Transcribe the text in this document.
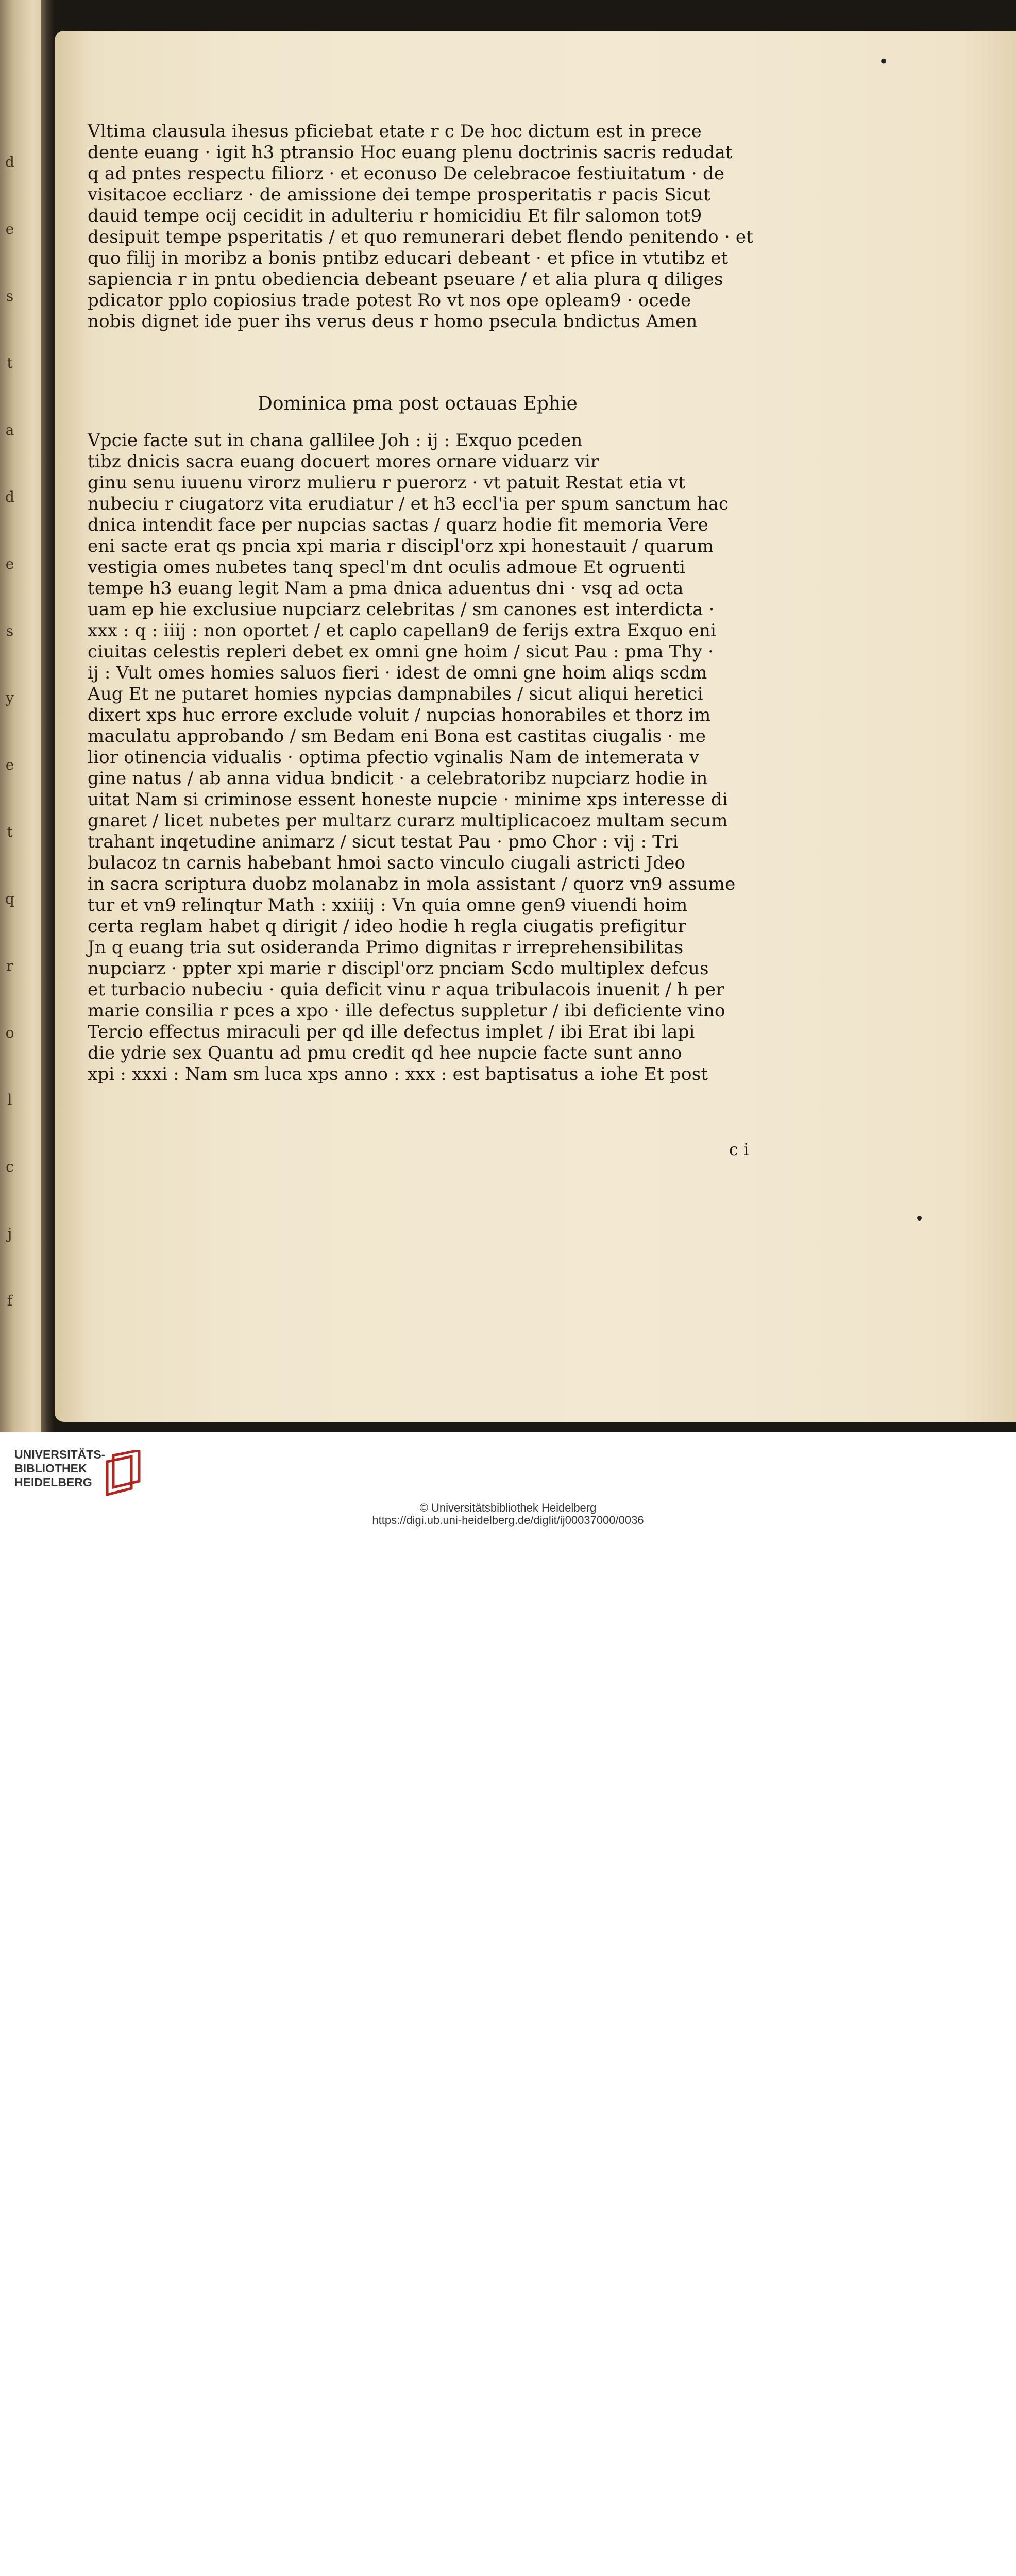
d
e
s
t
a
d
e
s
y
e
t
q
r
o
l
c
j
f
•
Vltima clausula ihesus pficiebat etate r c De hoc dictum est in prece
dente euang · igit h3 ptransio Hoc euang plenu doctrinis sacris redudat
q ad pntes respectu filiorz · et econuso De celebracoe festiuitatum · de
visitacoe eccliarz · de amissione dei tempe prosperitatis r pacis Sicut
dauid tempe ocij cecidit in adulteriu r homicidiu Et filr salomon tot9
desipuit tempe psperitatis / et quo remunerari debet flendo penitendo · et
quo filij in moribz a bonis pntibz educari debeant · et pfice in vtutibz et
sapiencia r in pntu obediencia debeant pseuare / et alia plura q diliges
pdicator pplo copiosius trade potest Ro vt nos ope opleam9 · ocede
nobis dignet ide puer ihs verus deus r homo psecula bndictus Amen
Dominica pma post octauas Ephie
Vpcie facte sut in chana gallilee Joh : ij : Exquo pceden
tibz dnicis sacra euang docuert mores ornare viduarz vir
ginu senu iuuenu virorz mulieru r puerorz · vt patuit Restat etia vt
nubeciu r ciugatorz vita erudiatur / et h3 eccl'ia per spum sanctum hac
dnica intendit face per nupcias sactas / quarz hodie fit memoria Vere
eni sacte erat qs pncia xpi maria r discipl'orz xpi honestauit / quarum
vestigia omes nubetes tanq specl'm dnt oculis admoue Et ogruenti
tempe h3 euang legit Nam a pma dnica aduentus dni · vsq ad octa
uam ep hie exclusiue nupciarz celebritas / sm canones est interdicta ·
xxx : q : iiij : non oportet / et caplo capellan9 de ferijs extra Exquo eni
ciuitas celestis repleri debet ex omni gne hoim / sicut Pau : pma Thy ·
ij : Vult omes homies saluos fieri · idest de omni gne hoim aliqs scdm
Aug Et ne putaret homies nypcias dampnabiles / sicut aliqui heretici
dixert xps huc errore exclude voluit / nupcias honorabiles et thorz im
maculatu approbando / sm Bedam eni Bona est castitas ciugalis · me
lior otinencia vidualis · optima pfectio vginalis Nam de intemerata v
gine natus / ab anna vidua bndicit · a celebratoribz nupciarz hodie in
uitat Nam si criminose essent honeste nupcie · minime xps interesse di
gnaret / licet nubetes per multarz curarz multiplicacoez multam secum
trahant inqetudine animarz / sicut testat Pau · pmo Chor : vij : Tri
bulacoz tn carnis habebant hmoi sacto vinculo ciugali astricti Jdeo
in sacra scriptura duobz molanabz in mola assistant / quorz vn9 assume
tur et vn9 relinqtur Math : xxiiij : Vn quia omne gen9 viuendi hoim
certa reglam habet q dirigit / ideo hodie h regla ciugatis prefigitur
Jn q euang tria sut osideranda Primo dignitas r irreprehensibilitas
nupciarz · ppter xpi marie r discipl'orz pnciam Scdo multiplex defcus
et turbacio nubeciu · quia deficit vinu r aqua tribulacois inuenit / h per
marie consilia r pces a xpo · ille defectus suppletur / ibi deficiente vino
Tercio effectus miraculi per qd ille defectus implet / ibi Erat ibi lapi
die ydrie sex Quantu ad pmu credit qd hee nupcie facte sunt anno
xpi : xxxi : Nam sm luca xps anno : xxx : est baptisatus a iohe Et post
c i
UNIVERSITÄTS-
BIBLIOTHEK
HEIDELBERG
© Universitätsbibliothek Heidelberg
https://digi.ub.uni-heidelberg.de/diglit/ij00037000/0036
